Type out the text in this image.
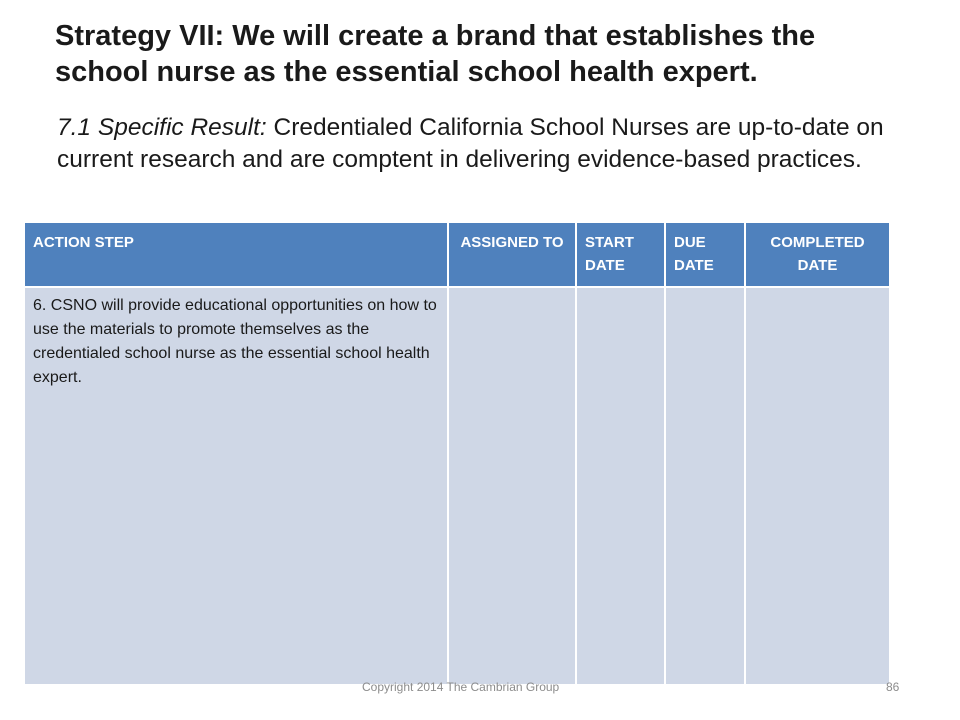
Strategy VII: We will create a brand that establishes the school nurse as the essential school health expert.

7.1 Specific Result: Credentialed California School Nurses are up-to-date on current research and are comptent in delivering evidence-based practices.

ACTION STEP	ASSIGNED TO	START DATE	DUE DATE	COMPLETED DATE
6. CSNO will provide educational opportunities on how to use the materials to promote themselves as the credentialed school nurse as the essential school health expert.				
Copyright 2014 The Cambrian Group	86
